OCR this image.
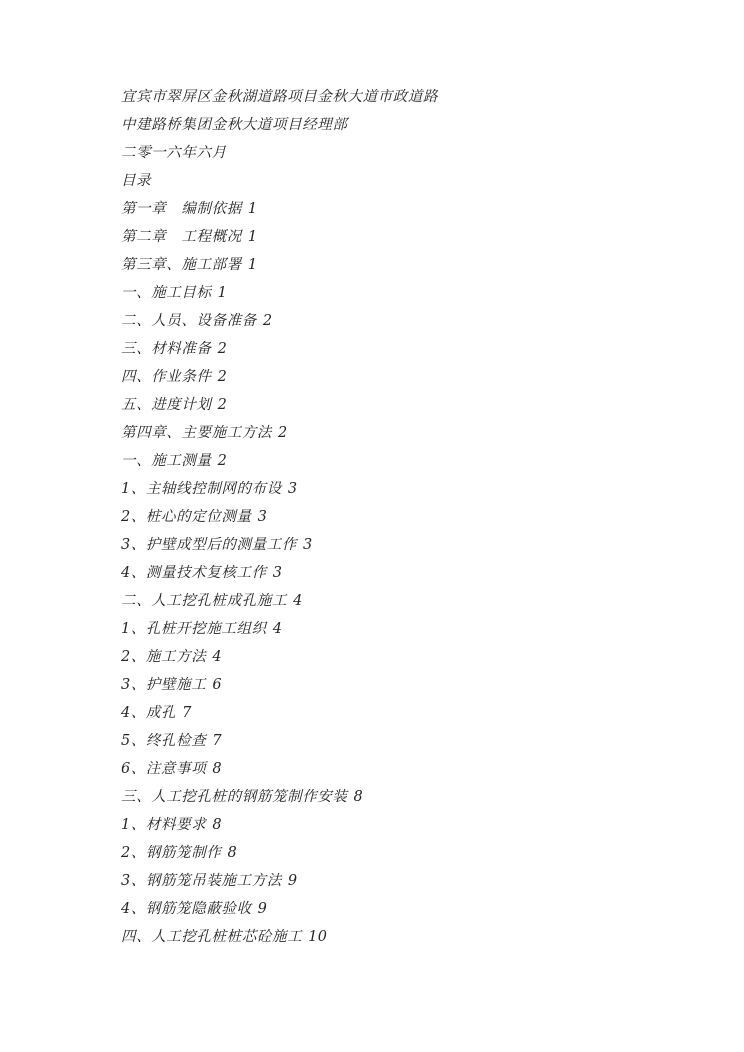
宜宾市翠屏区金秋湖道路项目金秋大道市政道路
中建路桥集团金秋大道项目经理部
二零一六年六月
目录
第一章　编制依据 1
第二章　工程概况 1
第三章、施工部署 1
一、施工目标 1
二、人员、设备准备 2
三、材料准备 2
四、作业条件 2
五、进度计划 2
第四章、主要施工方法 2
一、施工测量 2
1、主轴线控制网的布设 3
2、桩心的定位测量 3
3、护壁成型后的测量工作 3
4、测量技术复核工作 3
二、人工挖孔桩成孔施工 4
1、孔桩开挖施工组织 4
2、施工方法 4
3、护壁施工 6
4、成孔 7
5、终孔检查 7
6、注意事项 8
三、人工挖孔桩的钢筋笼制作安装 8
1、材料要求 8
2、钢筋笼制作 8
3、钢筋笼吊装施工方法 9
4、钢筋笼隐蔽验收 9
四、人工挖孔桩桩芯砼施工 10
